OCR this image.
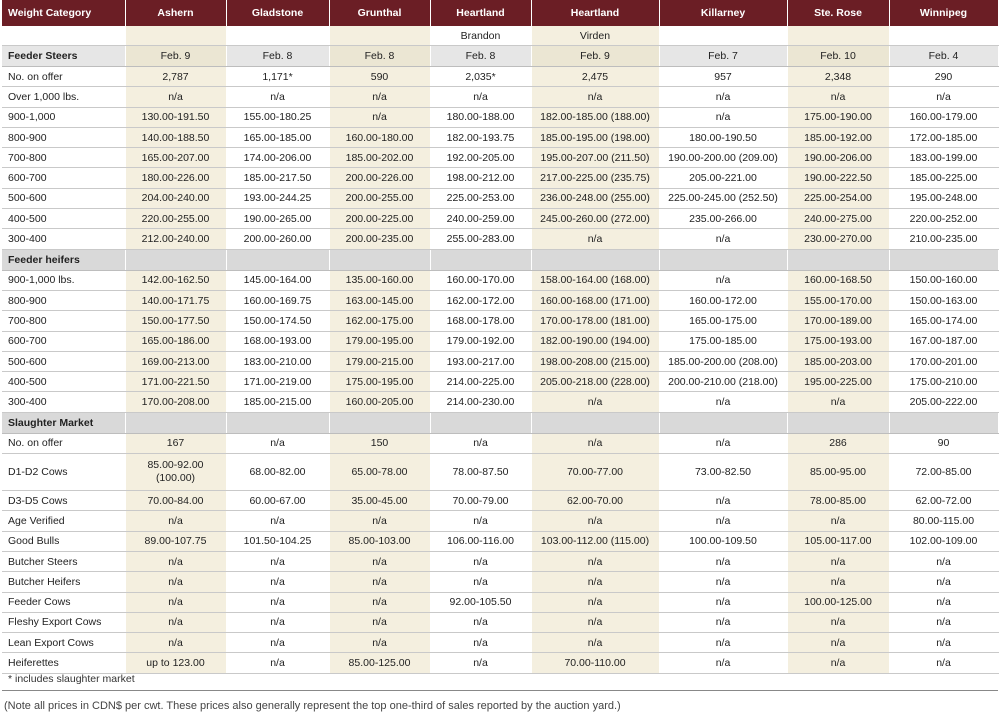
Weight Category	Ashern	Gladstone	Grunthal	Heartland	Heartland	Killarney	Ste. Rose	Winnipeg
				Brandon	Virden			
Feeder Steers	Feb. 9	Feb. 8	Feb. 8	Feb. 8	Feb. 9	Feb. 7	Feb. 10	Feb. 4
No. on offer	2,787	1,171*	590	2,035*	2,475	957	2,348	290
Over 1,000 lbs.	n/a	n/a	n/a	n/a	n/a	n/a	n/a	n/a
900-1,000	130.00-191.50	155.00-180.25	n/a	180.00-188.00	182.00-185.00 (188.00)	n/a	175.00-190.00	160.00-179.00
800-900	140.00-188.50	165.00-185.00	160.00-180.00	182.00-193.75	185.00-195.00 (198.00)	180.00-190.50	185.00-192.00	172.00-185.00
700-800	165.00-207.00	174.00-206.00	185.00-202.00	192.00-205.00	195.00-207.00 (211.50)	190.00-200.00 (209.00)	190.00-206.00	183.00-199.00
600-700	180.00-226.00	185.00-217.50	200.00-226.00	198.00-212.00	217.00-225.00 (235.75)	205.00-221.00	190.00-222.50	185.00-225.00
500-600	204.00-240.00	193.00-244.25	200.00-255.00	225.00-253.00	236.00-248.00 (255.00)	225.00-245.00 (252.50)	225.00-254.00	195.00-248.00
400-500	220.00-255.00	190.00-265.00	200.00-225.00	240.00-259.00	245.00-260.00 (272.00)	235.00-266.00	240.00-275.00	220.00-252.00
300-400	212.00-240.00	200.00-260.00	200.00-235.00	255.00-283.00	n/a	n/a	230.00-270.00	210.00-235.00
Feeder heifers								
900-1,000 lbs.	142.00-162.50	145.00-164.00	135.00-160.00	160.00-170.00	158.00-164.00 (168.00)	n/a	160.00-168.50	150.00-160.00
800-900	140.00-171.75	160.00-169.75	163.00-145.00	162.00-172.00	160.00-168.00 (171.00)	160.00-172.00	155.00-170.00	150.00-163.00
700-800	150.00-177.50	150.00-174.50	162.00-175.00	168.00-178.00	170.00-178.00 (181.00)	165.00-175.00	170.00-189.00	165.00-174.00
600-700	165.00-186.00	168.00-193.00	179.00-195.00	179.00-192.00	182.00-190.00 (194.00)	175.00-185.00	175.00-193.00	167.00-187.00
500-600	169.00-213.00	183.00-210.00	179.00-215.00	193.00-217.00	198.00-208.00 (215.00)	185.00-200.00 (208.00)	185.00-203.00	170.00-201.00
400-500	171.00-221.50	171.00-219.00	175.00-195.00	214.00-225.00	205.00-218.00 (228.00)	200.00-210.00 (218.00)	195.00-225.00	175.00-210.00
300-400	170.00-208.00	185.00-215.00	160.00-205.00	214.00-230.00	n/a	n/a	n/a	205.00-222.00
Slaughter Market								
No. on offer	167	n/a	150	n/a	n/a	n/a	286	90
D1-D2 Cows	85.00-92.00
(100.00)	68.00-82.00	65.00-78.00	78.00-87.50	70.00-77.00	73.00-82.50	85.00-95.00	72.00-85.00
D3-D5 Cows	70.00-84.00	60.00-67.00	35.00-45.00	70.00-79.00	62.00-70.00	n/a	78.00-85.00	62.00-72.00
Age Verified	n/a	n/a	n/a	n/a	n/a	n/a	n/a	80.00-115.00
Good Bulls	89.00-107.75	101.50-104.25	85.00-103.00	106.00-116.00	103.00-112.00 (115.00)	100.00-109.50	105.00-117.00	102.00-109.00
Butcher Steers	n/a	n/a	n/a	n/a	n/a	n/a	n/a	n/a
Butcher Heifers	n/a	n/a	n/a	n/a	n/a	n/a	n/a	n/a
Feeder Cows	n/a	n/a	n/a	92.00-105.50	n/a	n/a	100.00-125.00	n/a
Fleshy Export Cows	n/a	n/a	n/a	n/a	n/a	n/a	n/a	n/a
Lean Export Cows	n/a	n/a	n/a	n/a	n/a	n/a	n/a	n/a
Heiferettes	up to 123.00	n/a	85.00-125.00	n/a	70.00-110.00	n/a	n/a	n/a
* includes slaughter market
(Note all prices in CDN$ per cwt. These prices also generally represent the top one-third of sales reported by the auction yard.)
